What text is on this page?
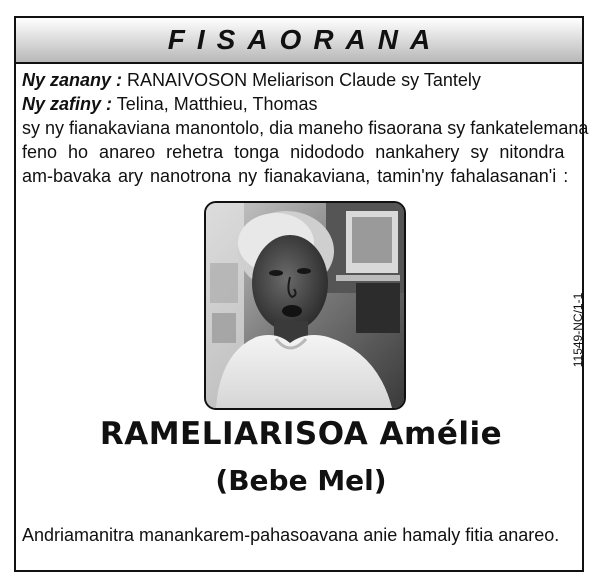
FISAORANA
Ny zanany : RANAIVOSON Meliarison Claude sy Tantely
Ny zafiny : Telina, Matthieu, Thomas
sy ny fianakaviana manontolo, dia maneho fisaorana sy fankatelemana
feno ho anareo rehetra tonga nidododo nankahery sy nitondra
am-bavaka ary nanotrona ny fianakaviana, tamin'ny fahalasanan'i :
RAMELIARISOA Amélie
(Bebe Mel)
Andriamanitra manankarem-pahasoavana anie hamaly fitia anareo.
11549-NC/1-1
